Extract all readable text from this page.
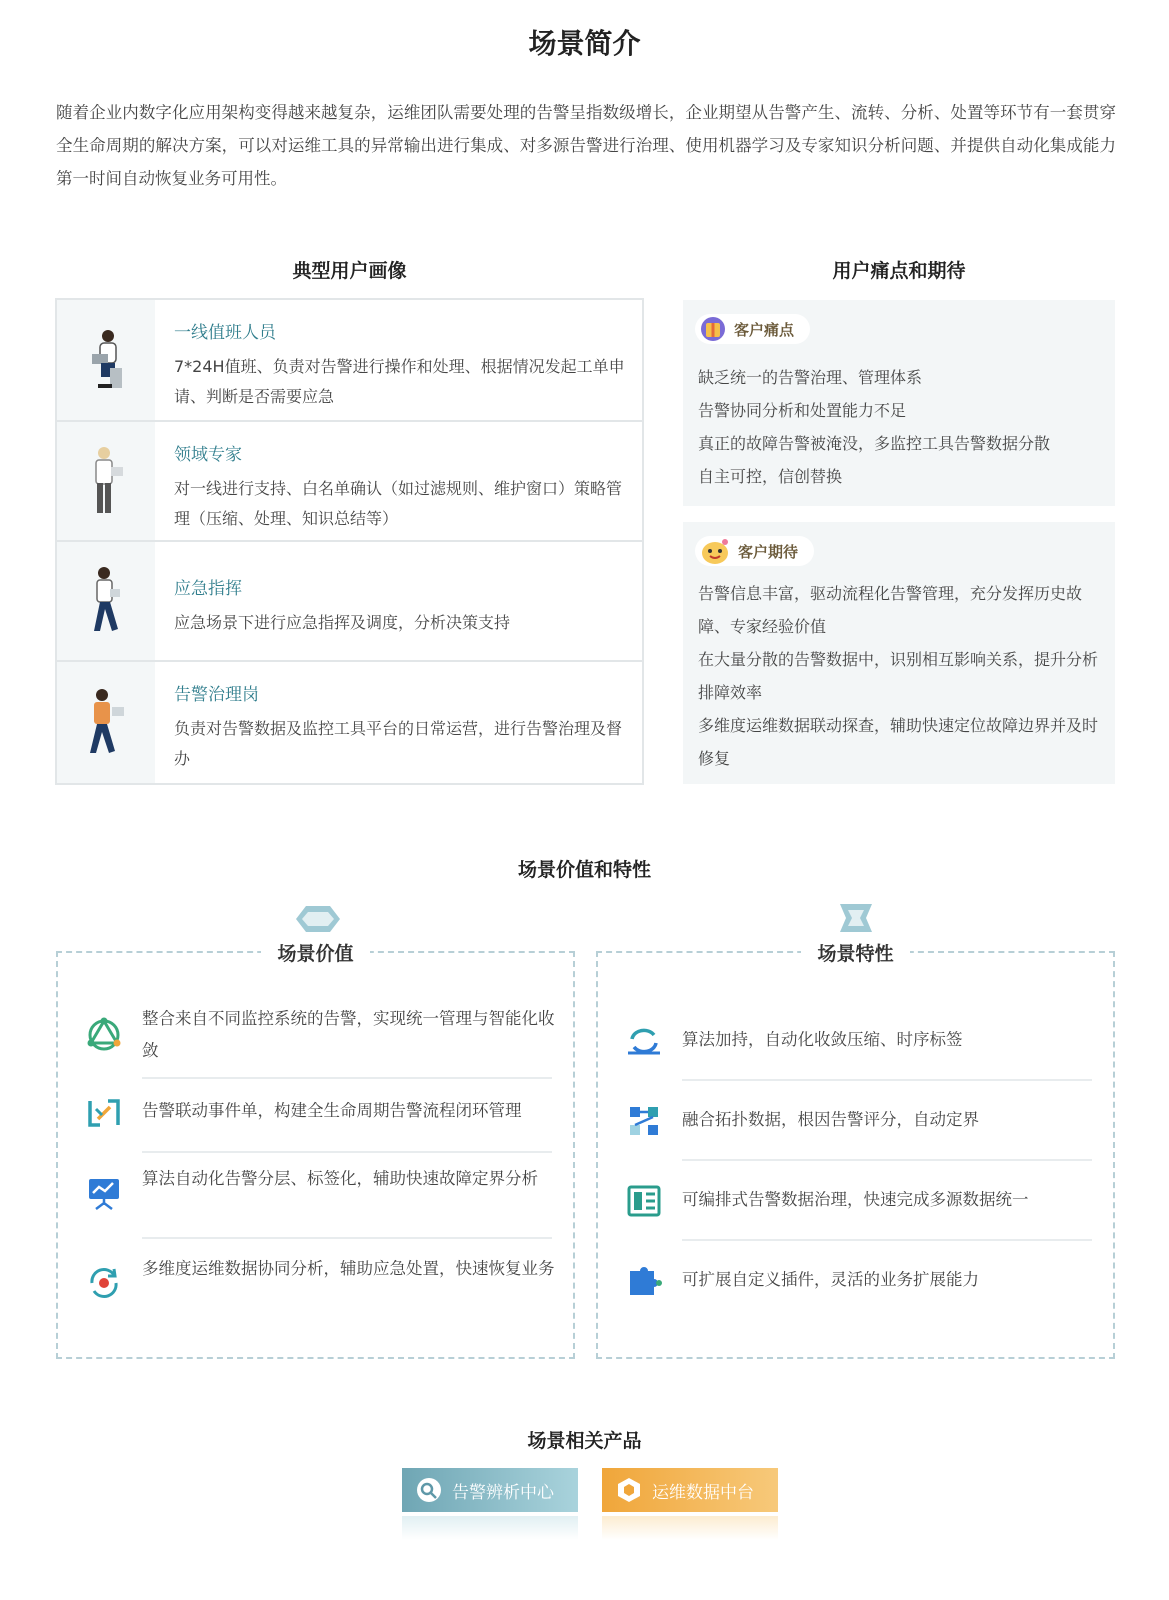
场景简介

随着企业内数字化应用架构变得越来越复杂，运维团队需要处理的告警呈指数级增长，企业期望从告警产生、流转、分析、处置等环节有一套贯穿全生命周期的解决方案，可以对运维工具的异常输出进行集成、对多源告警进行治理、使用机器学习及专家知识分析问题、并提供自动化集成能力第一时间自动恢复业务可用性。

典型用户画像	用户痛点和期待
一线值班人员
7*24H值班、负责对告警进行操作和处理、根据情况发起工单申请、判断是否需要应急
领域专家
对一线进行支持、白名单确认（如过滤规则、维护窗口）策略管理（压缩、处理、知识总结等）
应急指挥
应急场景下进行应急指挥及调度，分析决策支持
告警治理岗
负责对告警数据及监控工具平台的日常运营，进行告警治理及督办
客户痛点
缺乏统一的告警治理、管理体系
告警协同分析和处置能力不足
真正的故障告警被淹没，多监控工具告警数据分散
自主可控，信创替换
客户期待
告警信息丰富，驱动流程化告警管理，充分发挥历史故障、专家经验价值
在大量分散的告警数据中，识别相互影响关系，提升分析排障效率
多维度运维数据联动探查，辅助快速定位故障边界并及时修复
场景价值和特性
场景价值
整合来自不同监控系统的告警，实现统一管理与智能化收敛
告警联动事件单，构建全生命周期告警流程闭环管理
算法自动化告警分层、标签化，辅助快速故障定界分析
多维度运维数据协同分析，辅助应急处置，快速恢复业务
场景特性
算法加持，自动化收敛压缩、时序标签
融合拓扑数据，根因告警评分，自动定界
可编排式告警数据治理，快速完成多源数据统一
可扩展自定义插件，灵活的业务扩展能力
场景相关产品
告警辨析中心	运维数据中台
